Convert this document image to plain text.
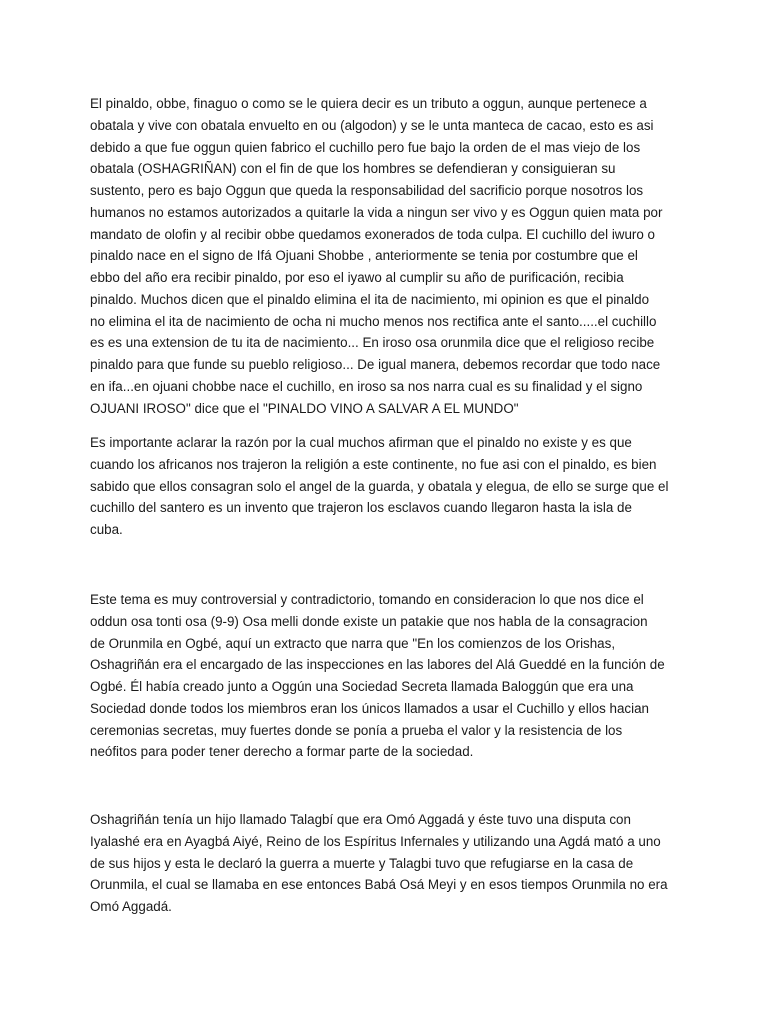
El pinaldo, obbe, finaguo o como se le quiera decir es un tributo a oggun, aunque pertenece a
obatala y vive con obatala envuelto en ou (algodon) y se le unta manteca de cacao, esto es asi
debido a que fue oggun quien fabrico el cuchillo pero fue bajo la orden de el mas viejo de los
obatala (OSHAGRIÑAN) con el fin de que los hombres se defendieran y consiguieran su
sustento, pero es bajo Oggun que queda la responsabilidad del sacrificio porque nosotros los
humanos no estamos autorizados a quitarle la vida a ningun ser vivo y es Oggun quien mata por
mandato de olofin y al recibir obbe quedamos exonerados de toda culpa. El cuchillo del iwuro o
pinaldo nace en el signo de Ifá Ojuani Shobbe , anteriormente se tenia por costumbre que el
ebbo del año era recibir pinaldo, por eso el iyawo al cumplir su año de purificación, recibia
pinaldo. Muchos dicen que el pinaldo elimina el ita de nacimiento, mi opinion es que el pinaldo
no elimina el ita de nacimiento de ocha ni mucho menos nos rectifica ante el santo.....el cuchillo
es es una extension de tu ita de nacimiento... En iroso osa orunmila dice que el religioso recibe
pinaldo para que funde su pueblo religioso... De igual manera, debemos recordar que todo nace
en ifa...en ojuani chobbe nace el cuchillo, en iroso sa nos narra cual es su finalidad y el signo
OJUANI IROSO" dice que el "PINALDO VINO A SALVAR A EL MUNDO"

Es importante aclarar la razón por la cual muchos afirman que el pinaldo no existe y es que
cuando los africanos nos trajeron la religión a este continente, no fue asi con el pinaldo, es bien
sabido que ellos consagran solo el angel de la guarda, y obatala y elegua, de ello se surge que el
cuchillo del santero es un invento que trajeron los esclavos cuando llegaron hasta la isla de
cuba.

Este tema es muy controversial y contradictorio, tomando en consideracion lo que nos dice el
oddun osa tonti osa (9-9) Osa melli donde existe un patakie que nos habla de la consagracion
de Orunmila en Ogbé, aquí un extracto que narra que "En los comienzos de los Orishas,
Oshagriñán era el encargado de las inspecciones en las labores del Alá Gueddé en la función de
Ogbé. Él había creado junto a Oggún una Sociedad Secreta llamada Baloggún que era una
Sociedad donde todos los miembros eran los únicos llamados a usar el Cuchillo y ellos hacian
ceremonias secretas, muy fuertes donde se ponía a prueba el valor y la resistencia de los
neófitos para poder tener derecho a formar parte de la sociedad.

Oshagriñán tenía un hijo llamado Talagbí que era Omó Aggadá y éste tuvo una disputa con
Iyalashé era en Ayagbá Aiyé, Reino de los Espíritus Infernales y utilizando una Agdá mató a uno
de sus hijos y esta le declaró la guerra a muerte y Talagbi tuvo que refugiarse en la casa de
Orunmila, el cual se llamaba en ese entonces Babá Osá Meyi y en esos tiempos Orunmila no era
Omó Aggadá.
